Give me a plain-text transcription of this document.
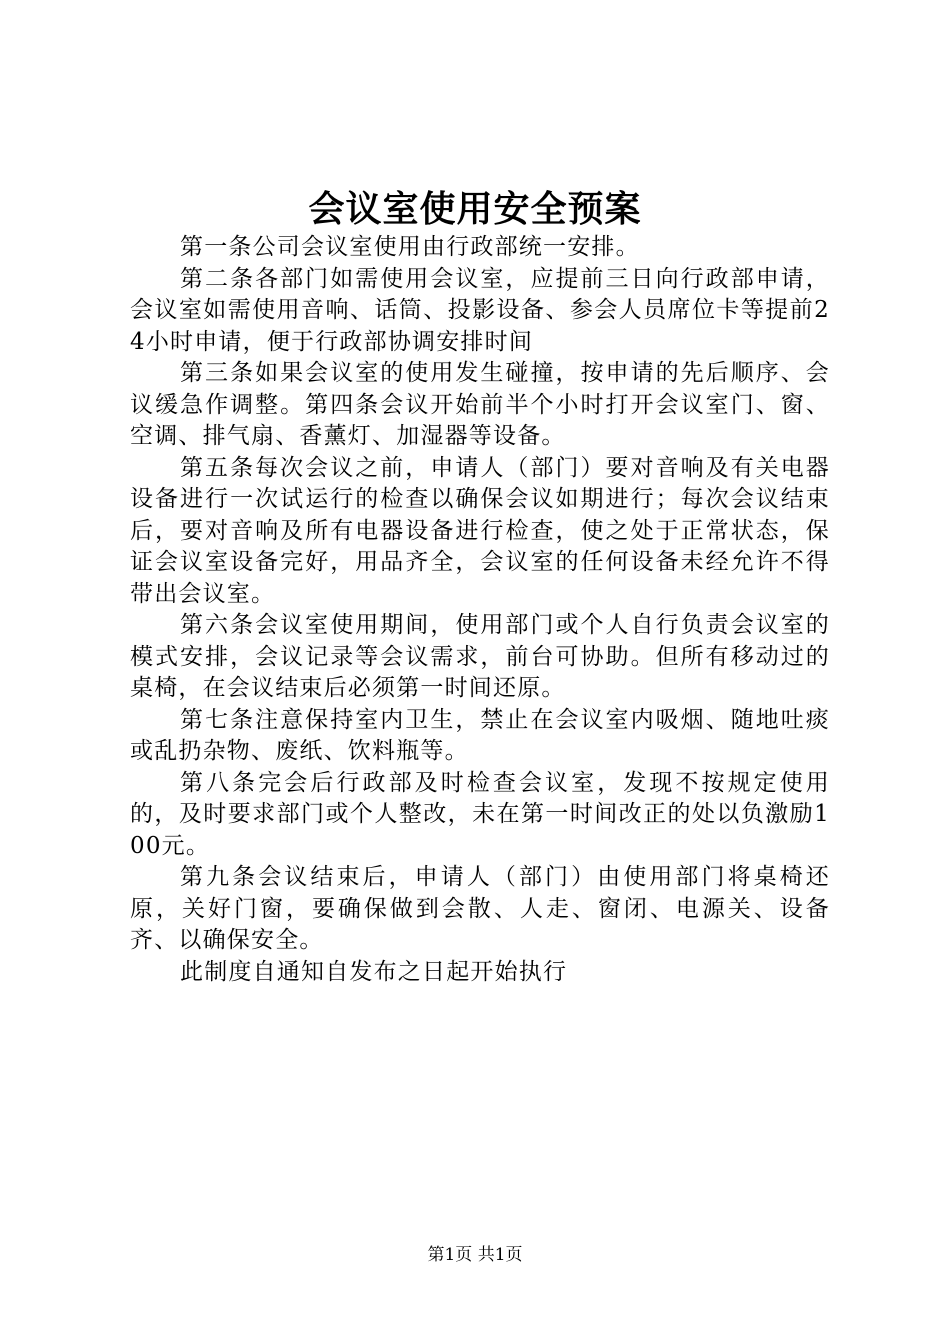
会议室使用安全预案

第一条公司会议室使用由行政部统一安排。

第二条各部门如需使用会议室，应提前三日向行政部申请，会议室如需使用音响、话筒、投影设备、参会人员席位卡等提前24小时申请，便于行政部协调安排时间

第三条如果会议室的使用发生碰撞，按申请的先后顺序、会议缓急作调整。第四条会议开始前半个小时打开会议室门、窗、空调、排气扇、香薰灯、加湿器等设备。

第五条每次会议之前，申请人（部门）要对音响及有关电器设备进行一次试运行的检查以确保会议如期进行；每次会议结束后，要对音响及所有电器设备进行检查，使之处于正常状态，保证会议室设备完好，用品齐全，会议室的任何设备未经允许不得带出会议室。

第六条会议室使用期间，使用部门或个人自行负责会议室的模式安排，会议记录等会议需求，前台可协助。但所有移动过的桌椅，在会议结束后必须第一时间还原。

第七条注意保持室内卫生，禁止在会议室内吸烟、随地吐痰或乱扔杂物、废纸、饮料瓶等。

第八条完会后行政部及时检查会议室，发现不按规定使用的，及时要求部门或个人整改，未在第一时间改正的处以负激励100元。

第九条会议结束后，申请人（部门）由使用部门将桌椅还原，关好门窗，要确保做到会散、人走、窗闭、电源关、设备齐、以确保安全。

此制度自通知自发布之日起开始执行

第1页 共1页
